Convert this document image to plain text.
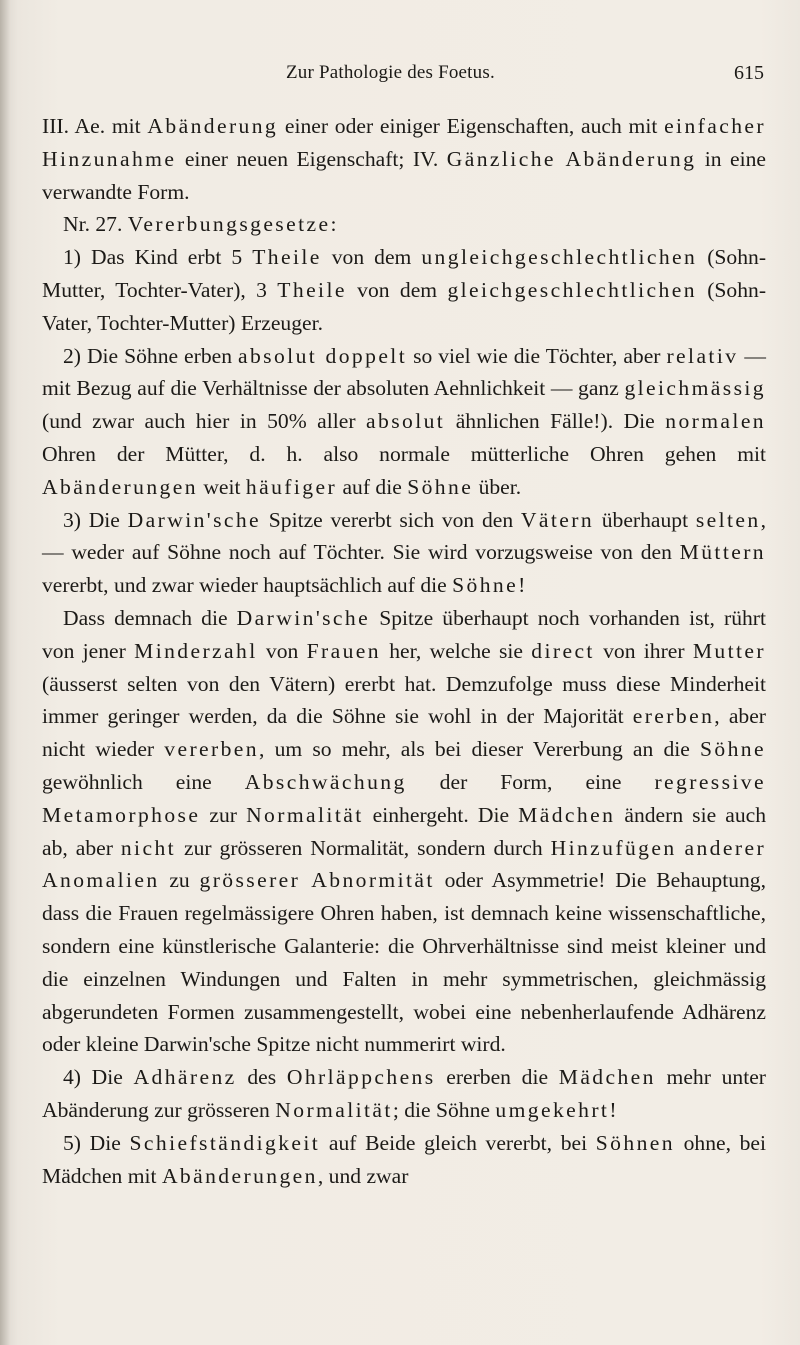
Zur Pathologie des Foetus.	615

III. Ae. mit Abänderung einer oder einiger Eigenschaften, auch mit einfacher Hinzunahme einer neuen Eigenschaft; IV. Gänzliche Abänderung in eine verwandte Form.

Nr. 27. Vererbungsgesetze:

1) Das Kind erbt 5 Theile von dem ungleichgeschlechtlichen (Sohn-Mutter, Tochter-Vater), 3 Theile von dem gleichgeschlechtlichen (Sohn-Vater, Tochter-Mutter) Erzeuger.

2) Die Söhne erben absolut doppelt so viel wie die Töchter, aber relativ — mit Bezug auf die Verhältnisse der absoluten Aehnlichkeit — ganz gleichmässig (und zwar auch hier in 50% aller absolut ähnlichen Fälle!). Die normalen Ohren der Mütter, d. h. also normale mütterliche Ohren gehen mit Abänderungen weit häufiger auf die Söhne über.

3) Die Darwin'sche Spitze vererbt sich von den Vätern überhaupt selten, — weder auf Söhne noch auf Töchter. Sie wird vorzugsweise von den Müttern vererbt, und zwar wieder hauptsächlich auf die Söhne!

Dass demnach die Darwin'sche Spitze überhaupt noch vorhanden ist, rührt von jener Minderzahl von Frauen her, welche sie direct von ihrer Mutter (äusserst selten von den Vätern) ererbt hat. Demzufolge muss diese Minderheit immer geringer werden, da die Söhne sie wohl in der Majorität ererben, aber nicht wieder vererben, um so mehr, als bei dieser Vererbung an die Söhne gewöhnlich eine Abschwächung der Form, eine regressive Metamorphose zur Normalität einhergeht. Die Mädchen ändern sie auch ab, aber nicht zur grösseren Normalität, sondern durch Hinzufügen anderer Anomalien zu grösserer Abnormität oder Asymmetrie! Die Behauptung, dass die Frauen regelmässigere Ohren haben, ist demnach keine wissenschaftliche, sondern eine künstlerische Galanterie: die Ohrverhältnisse sind meist kleiner und die einzelnen Windungen und Falten in mehr symmetrischen, gleichmässig abgerundeten Formen zusammengestellt, wobei eine nebenherlaufende Adhärenz oder kleine Darwin'sche Spitze nicht nummerirt wird.

4) Die Adhärenz des Ohrläppchens ererben die Mädchen mehr unter Abänderung zur grösseren Normalität; die Söhne umgekehrt!

5) Die Schiefständigkeit auf Beide gleich vererbt, bei Söhnen ohne, bei Mädchen mit Abänderungen, und zwar
